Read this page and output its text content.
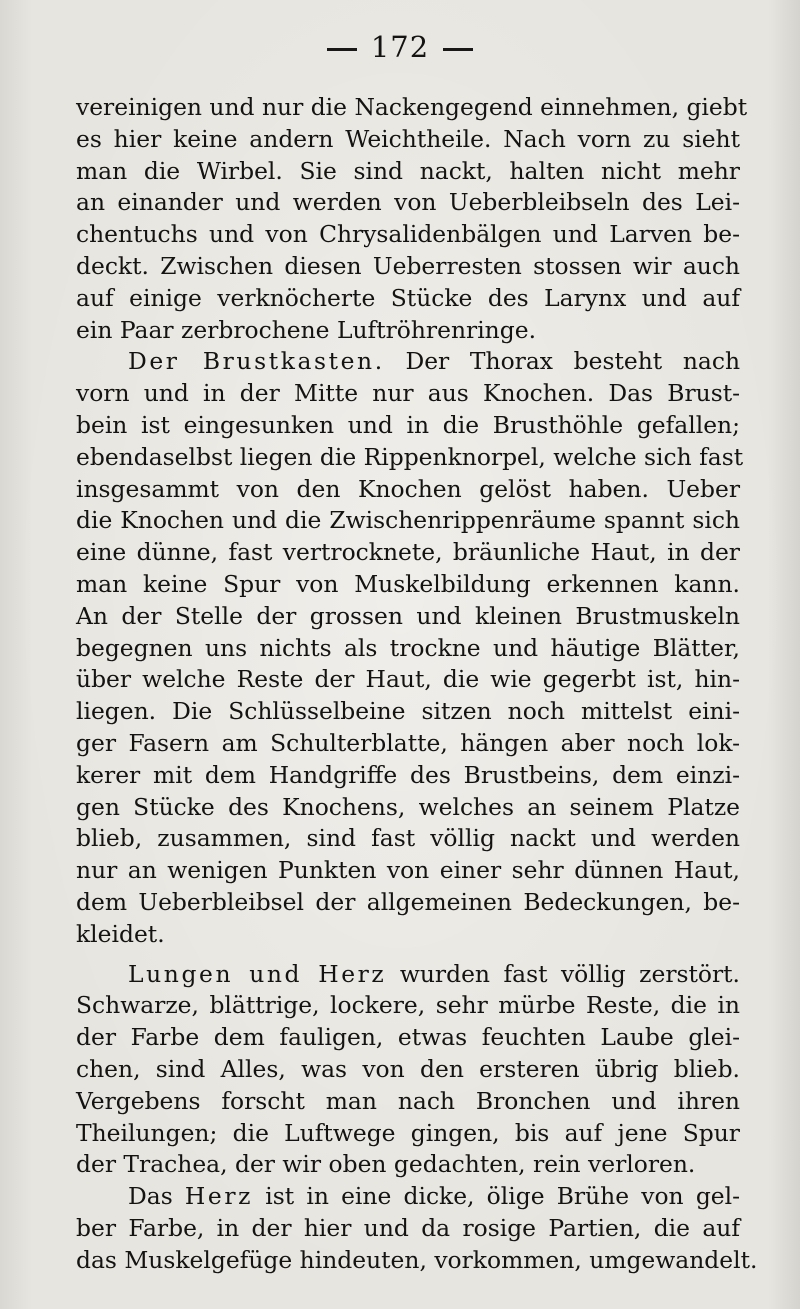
172
vereinigen und nur die Nackengegend einnehmen, giebt
es hier keine andern Weichtheile. Nach vorn zu sieht
man die Wirbel. Sie sind nackt, halten nicht mehr
an einander und werden von Ueberbleibseln des Lei-
chentuchs und von Chrysalidenbälgen und Larven be-
deckt. Zwischen diesen Ueberresten stossen wir auch
auf einige verknöcherte Stücke des Larynx und auf
ein Paar zerbrochene Luftröhrenringe.
Der Brustkasten. Der Thorax besteht nach
vorn und in der Mitte nur aus Knochen. Das Brust-
bein ist eingesunken und in die Brusthöhle gefallen;
ebendaselbst liegen die Rippenknorpel, welche sich fast
insgesammt von den Knochen gelöst haben. Ueber
die Knochen und die Zwischenrippenräume spannt sich
eine dünne, fast vertrocknete, bräunliche Haut, in der
man keine Spur von Muskelbildung erkennen kann.
An der Stelle der grossen und kleinen Brustmuskeln
begegnen uns nichts als trockne und häutige Blätter,
über welche Reste der Haut, die wie gegerbt ist, hin-
liegen. Die Schlüsselbeine sitzen noch mittelst eini-
ger Fasern am Schulterblatte, hängen aber noch lok-
kerer mit dem Handgriffe des Brustbeins, dem einzi-
gen Stücke des Knochens, welches an seinem Platze
blieb, zusammen, sind fast völlig nackt und werden
nur an wenigen Punkten von einer sehr dünnen Haut,
dem Ueberbleibsel der allgemeinen Bedeckungen, be-
kleidet.
Lungen und Herz wurden fast völlig zerstört.
Schwarze, blättrige, lockere, sehr mürbe Reste, die in
der Farbe dem fauligen, etwas feuchten Laube glei-
chen, sind Alles, was von den ersteren übrig blieb.
Vergebens forscht man nach Bronchen und ihren
Theilungen; die Luftwege gingen, bis auf jene Spur
der Trachea, der wir oben gedachten, rein verloren.
Das Herz ist in eine dicke, ölige Brühe von gel-
ber Farbe, in der hier und da rosige Partien, die auf
das Muskelgefüge hindeuten, vorkommen, umgewandelt.
